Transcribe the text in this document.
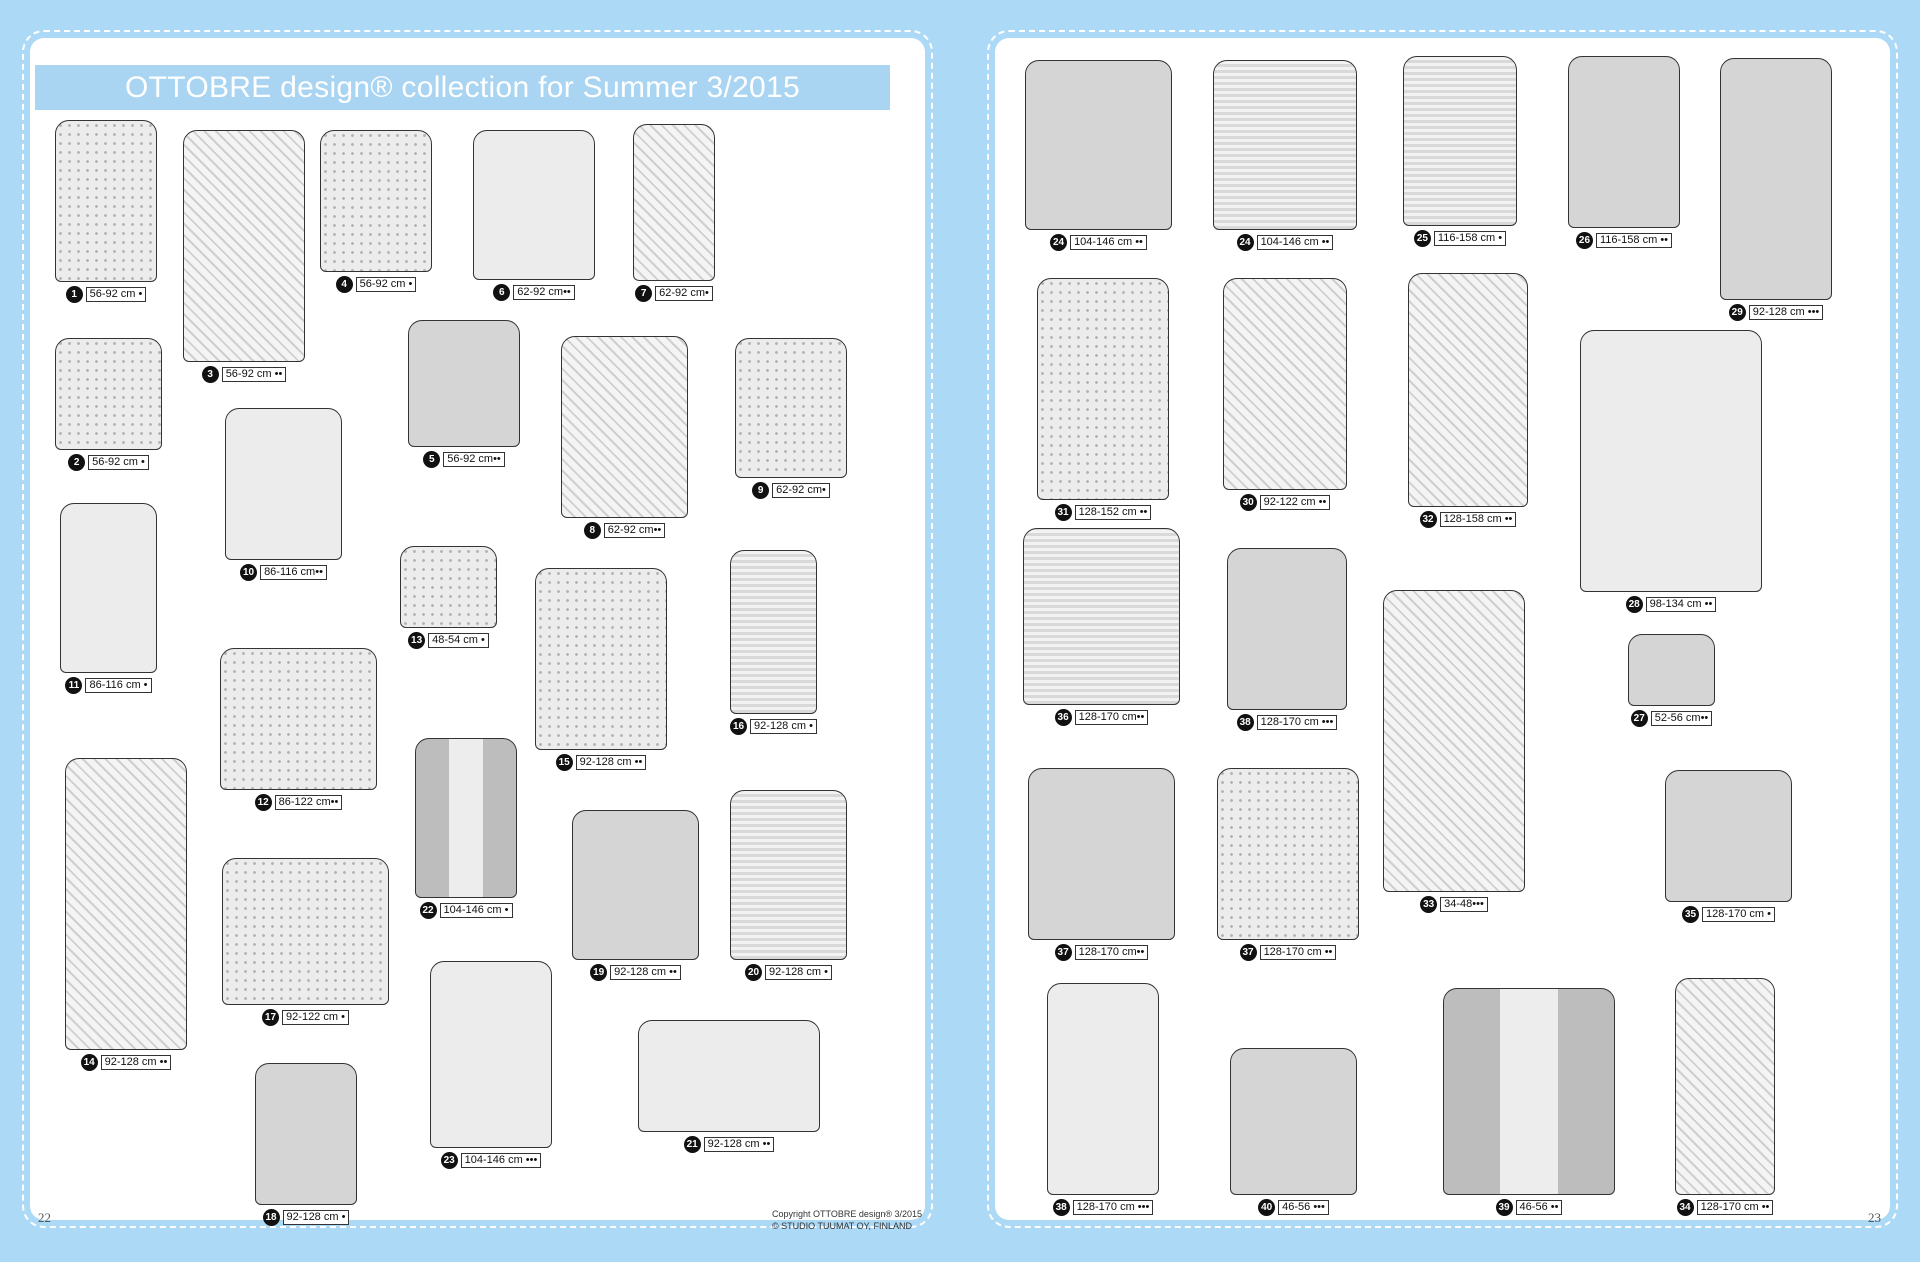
OTTOBRE design® collection for Summer 3/2015
1	56-92 cm •
3	56-92 cm ••
4	56-92 cm •
6	62-92 cm••	7	62-92 cm•
2	56-92 cm •	5	56-92 cm••
8	62-92 cm••
9	62-92 cm•
10 86-116 cm••
11 86-116 cm •
13 48-54 cm •
15 92-128 cm ••
16 92-128 cm •
12 86-122 cm••
14 92-128 cm ••
17 92-122 cm •
22 104-146 cm •
19 92-128 cm ••	20 92-128 cm •
18 92-128 cm •
23 104-146 cm •••
21 92-128 cm ••
Copyright OTTOBRE design® 3/2015
© STUDIO TUUMAT OY, FINLAND
24 104-146 cm ••	24 104-146 cm ••	25 116-158 cm •	26 116-158 cm ••
29 92-128 cm •••
31 128-152 cm ••
30 92-122 cm ••
32 128-158 cm ••
28 98-134 cm ••
36 128-170 cm••	38 128-170 cm •••
33 34-48•••
27 52-56 cm••
37 128-170 cm••	37 128-170 cm ••
35 128-170 cm •
38 128-170 cm •••	40 46-56 •••	39 46-56 ••	34 128-170 cm ••
22	23
